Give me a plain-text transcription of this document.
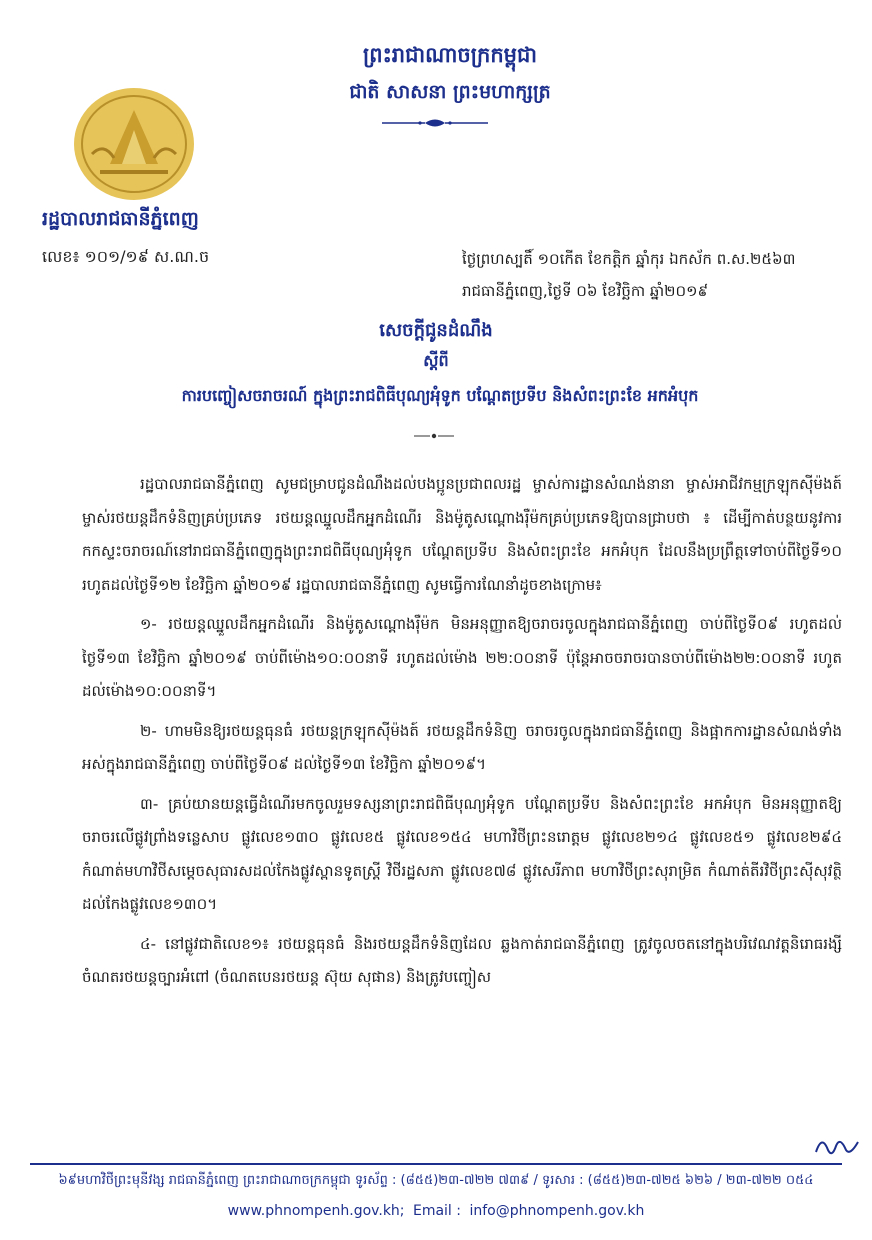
ព្រះរាជាណាចក្រកម្ពុជា
ជាតិ សាសនា ព្រះមហាក្សត្រ
រដ្ឋបាលរាជធានីភ្នំពេញ
លេខ៖ ១០១/១៩ ស.ណ.ច	ថ្ងៃព្រហស្បតិ៍ ១០កើត ខែកត្តិក ឆ្នាំកុរ ឯកស័ក ព.ស.២៥៦៣
រាជធានីភ្នំពេញ,ថ្ងៃទី ០៦ ខែវិច្ឆិកា ឆ្នាំ២០១៩
សេចក្តីជូនដំណឹង
ស្តីពី
ការបញ្ចៀសចរាចរណ៍ ក្នុងព្រះរាជពិធីបុណ្យអុំទូក បណ្តែតប្រទីប និងសំពះព្រះខែ អកអំបុក

រដ្ឋបាលរាជធានីភ្នំពេញ សូមជម្រាបជូនដំណឹងដល់បងប្អូនប្រជាពលរដ្ឋ ម្ចាស់ការដ្ឋានសំណង់នានា ម្ចាស់អាជីវកម្មក្រឡុកស៊ីម៉ងត៍ ម្ចាស់រថយន្តដឹកទំនិញគ្រប់ប្រភេទ រថយន្តឈ្នួលដឹកអ្នកដំណើរ និងម៉ូតូសណ្តោងរ៉ឺម៉កគ្រប់ប្រភេទឱ្យបានជ្រាបថា ៖ ដើម្បីកាត់បន្ថយនូវការកកស្ទះចរាចរណ៍នៅរាជធានីភ្នំពេញក្នុងព្រះរាជពិធីបុណ្យអុំទូក បណ្តែតប្រទីប និងសំពះព្រះខែ អកអំបុក ដែលនឹងប្រព្រឹត្តទៅចាប់ពីថ្ងៃទី១០ រហូតដល់ថ្ងៃទី១២ ខែវិច្ឆិកា ឆ្នាំ២០១៩ រដ្ឋបាលរាជធានីភ្នំពេញ សូមធ្វើការណែនាំដូចខាងក្រោម៖

១- រថយន្តឈ្នួលដឹកអ្នកដំណើរ និងម៉ូតូសណ្តោងរ៉ឺម៉ក មិនអនុញ្ញាតឱ្យចរាចរចូលក្នុងរាជធានីភ្នំពេញ ចាប់ពីថ្ងៃទី០៩ រហូតដល់ថ្ងៃទី១៣ ខែវិច្ឆិកា ឆ្នាំ២០១៩ ចាប់ពីម៉ោង១០:០០នាទី រហូតដល់ម៉ោង ២២:០០នាទី ប៉ុន្តែអាចចរាចរបានចាប់ពីម៉ោង២២:០០នាទី រហូតដល់ម៉ោង១០:០០នាទី។

២- ហាមមិនឱ្យរថយន្តធុនធំ រថយន្តក្រឡុកស៊ីម៉ងត៍ រថយន្តដឹកទំនិញ ចរាចរចូលក្នុងរាជធានីភ្នំពេញ និងផ្អាកការដ្ឋានសំណង់ទាំងអស់ក្នុងរាជធានីភ្នំពេញ ចាប់ពីថ្ងៃទី០៩ ដល់ថ្ងៃទី១៣ ខែវិច្ឆិកា ឆ្នាំ២០១៩។

៣- គ្រប់យានយន្តធ្វើដំណើរមកចូលរួមទស្សនាព្រះរាជពិធីបុណ្យអុំទូក បណ្តែតប្រទីប និងសំពះព្រះខែ អកអំបុក មិនអនុញ្ញាតឱ្យចរាចរលើផ្លូវព្រាំងទន្លេសាប ផ្លូវលេខ១៣០ ផ្លូវលេខ៥ ផ្លូវលេខ១៥៤ មហាវិថីព្រះនរោត្តម ផ្លូវលេខ២១៤ ផ្លូវលេខ៥១ ផ្លូវលេខ២៩៤ កំណាត់មហាវិថីសម្តេចសុធារសដល់កែងផ្លូវស្ពានទូតស្រ្តី វិថីរដ្ឋសភា ផ្លូវលេខ៧៨ ផ្លូវសេរីភាព មហាវិថីព្រះសុរាម្រិត កំណាត់តីរវិថីព្រះស៊ីសុវត្ថិដល់កែងផ្លូវលេខ១៣០។

៤- នៅផ្លូវជាតិលេខ១៖ រថយន្តធុនធំ និងរថយន្តដឹកទំនិញដែល ឆ្លងកាត់រាជធានីភ្នំពេញ ត្រូវចូលចតនៅក្នុងបរិវេណវត្តនិរោធរង្សី ចំណតរថយន្តច្បារអំពៅ (ចំណតបេនរថយន្ត ស៊ុយ សុផាន) និងត្រូវបញ្ចៀស

៦៩មហាវិថីព្រះមុនីវង្ស រាជធានីភ្នំពេញ ព្រះរាជាណាចក្រកម្ពុជា ទូរស័ព្ទ : (៨៥៥)២៣-៧២២ ៧៣៩ / ទូរសារ : (៨៥៥)២៣-៧២៥ ៦២៦ / ២៣-៧២២ ០៥៤
www.phnompenh.gov.kh; Email : info@phnompenh.gov.kh
